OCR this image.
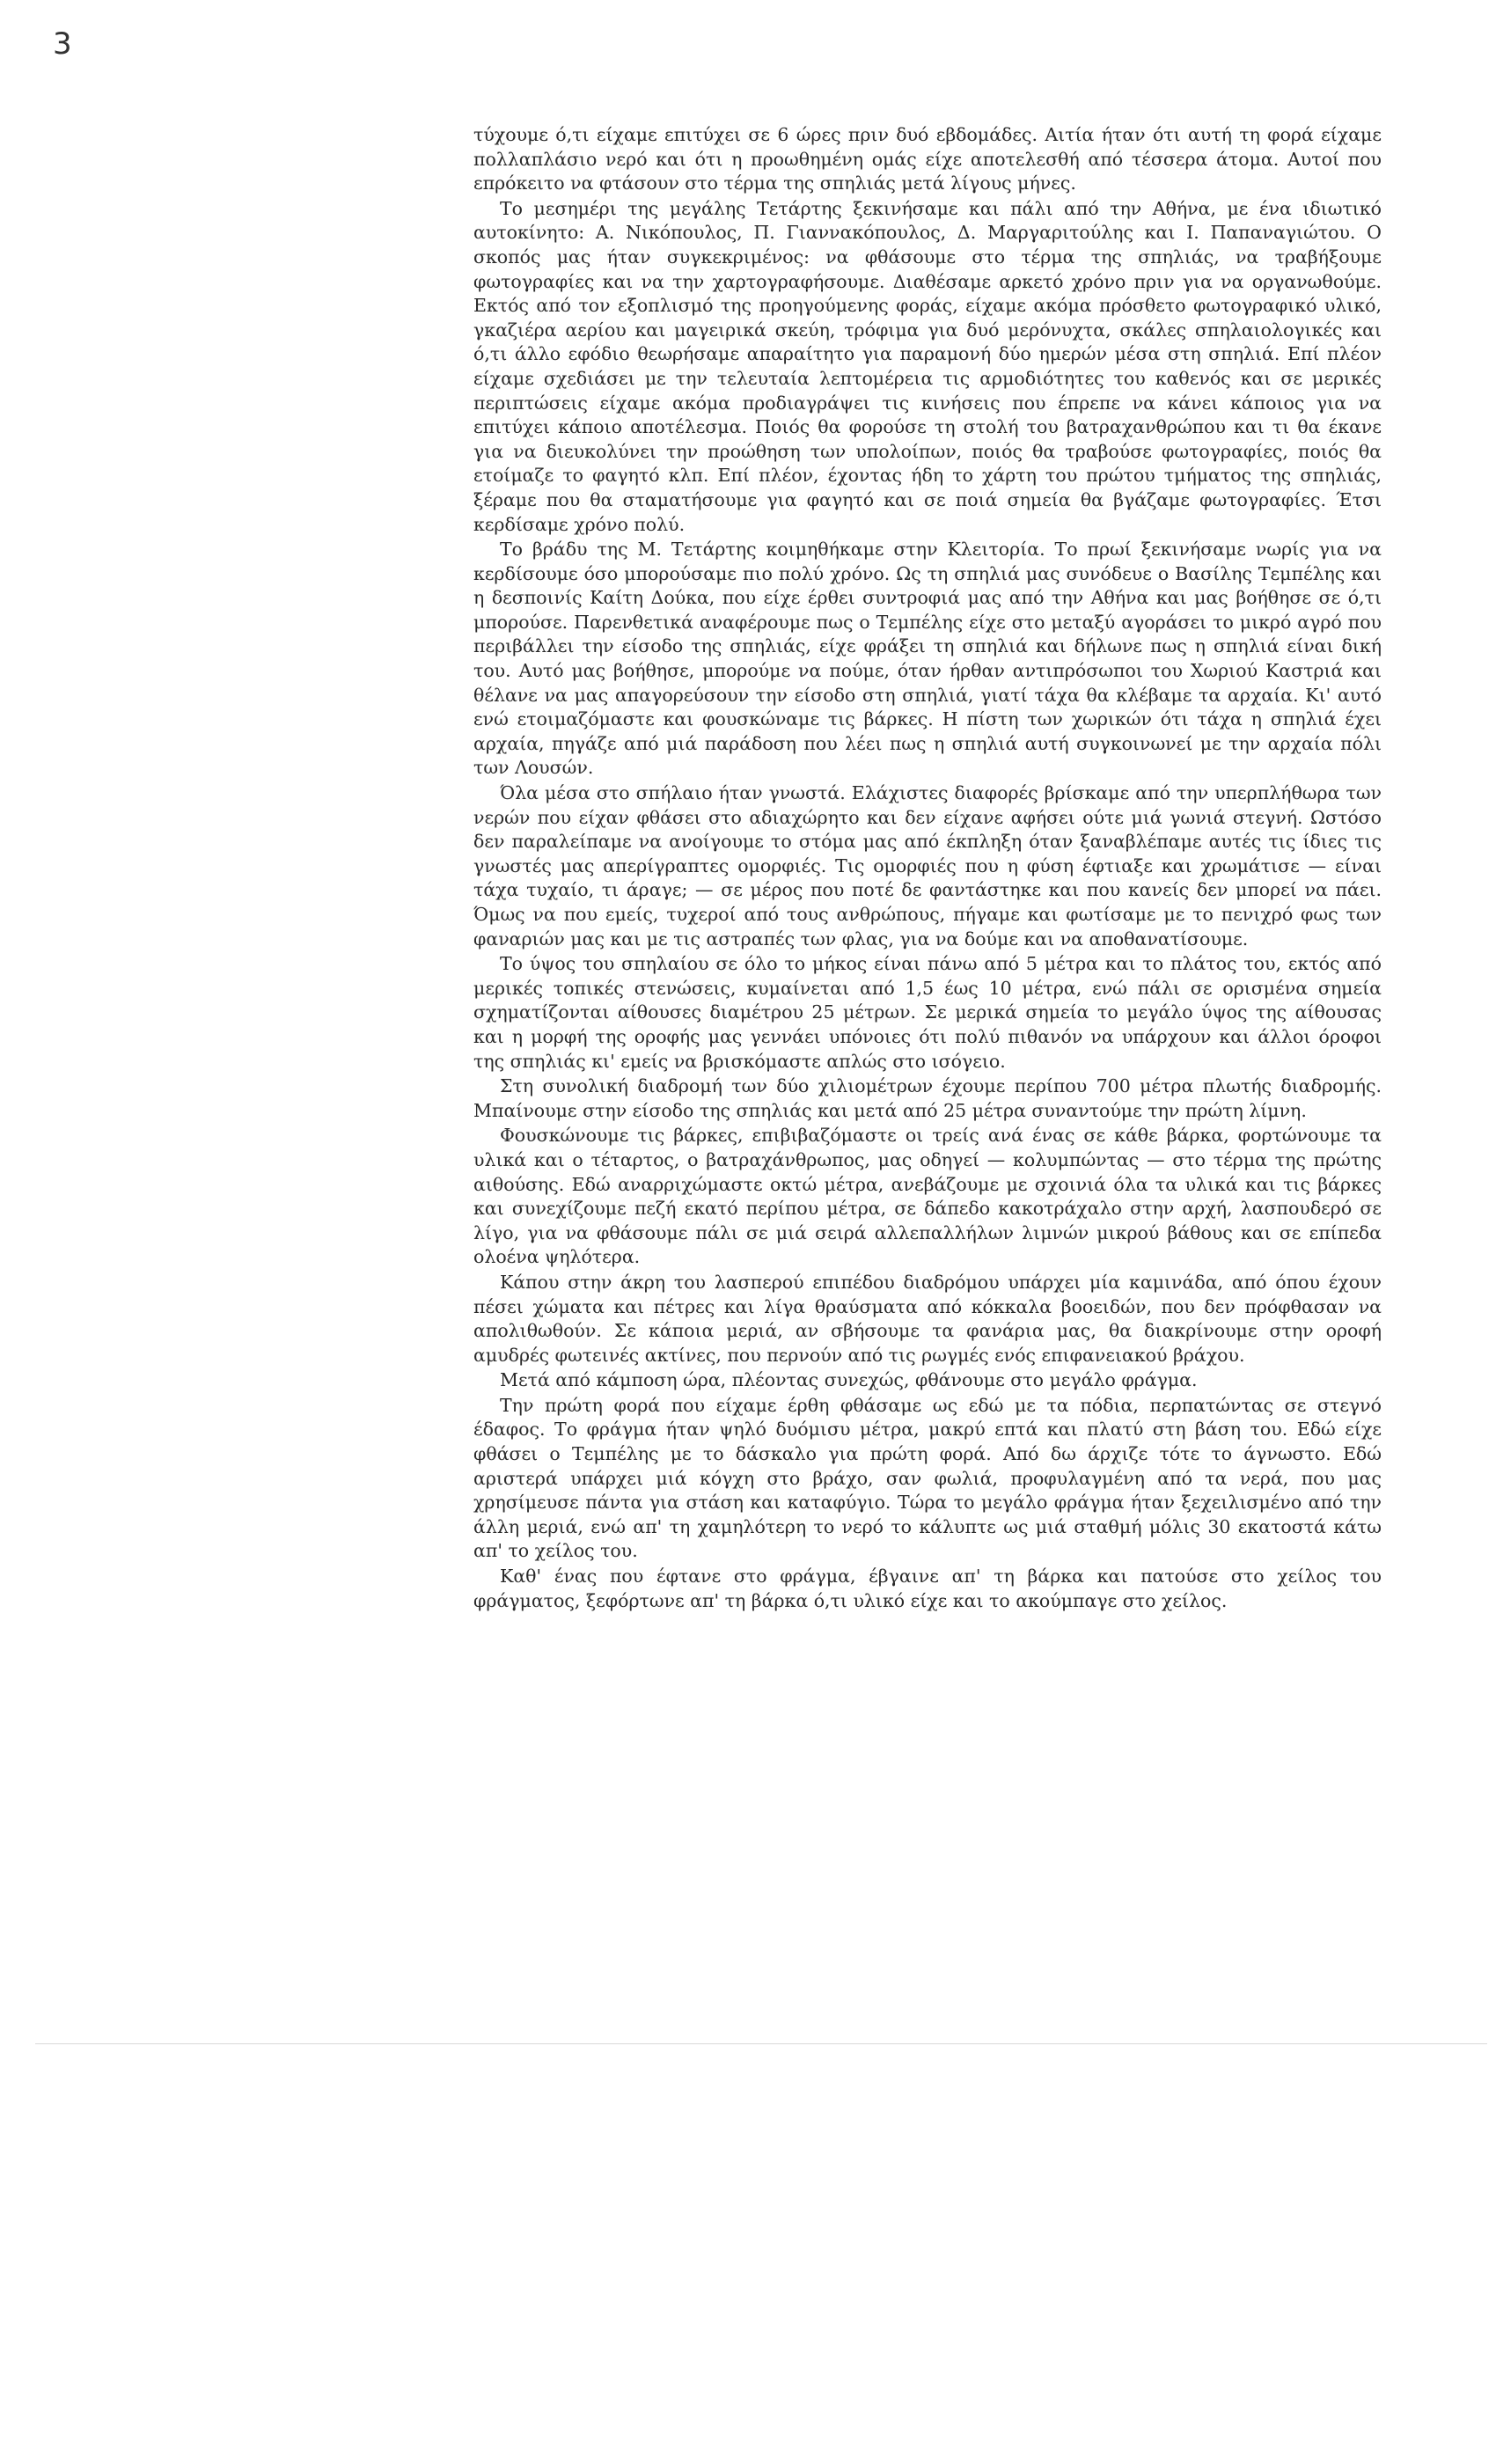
3

τύχουμε ό,τι είχαμε επιτύχει σε 6 ώρες πριν δυό εβδομάδες. Αιτία ήταν ότι αυτή τη φορά είχαμε πολλαπλάσιο νερό και ότι η προωθημένη ομάς είχε αποτελεσθή από τέσσερα άτομα. Αυτοί που επρόκειτο να φτάσουν στο τέρμα της σπηλιάς μετά λίγους μήνες.

Το μεσημέρι της μεγάλης Τετάρτης ξεκινήσαμε και πάλι από την Αθήνα, με ένα ιδιωτικό αυτοκίνητο: Α. Νικόπουλος, Π. Γιαννακόπουλος, Δ. Μαργαριτούλης και Ι. Παπαναγιώτου. Ο σκοπός μας ήταν συγκεκριμένος: να φθάσουμε στο τέρμα της σπηλιάς, να τραβήξουμε φωτογραφίες και να την χαρτογραφήσουμε. Διαθέσαμε αρκετό χρόνο πριν για να οργανωθούμε. Εκτός από τον εξοπλισμό της προηγούμενης φοράς, είχαμε ακόμα πρόσθετο φωτογραφικό υλικό, γκαζιέρα αερίου και μαγειρικά σκεύη, τρόφιμα για δυό μερόνυχτα, σκάλες σπηλαιολογικές και ό,τι άλλο εφόδιο θεωρήσαμε απαραίτητο για παραμονή δύο ημερών μέσα στη σπηλιά. Επί πλέον είχαμε σχεδιάσει με την τελευταία λεπτομέρεια τις αρμοδιότητες του καθενός και σε μερικές περιπτώσεις είχαμε ακόμα προδιαγράψει τις κινήσεις που έπρεπε να κάνει κάποιος για να επιτύχει κάποιο αποτέλεσμα. Ποιός θα φορούσε τη στολή του βατραχανθρώπου και τι θα έκανε για να διευκολύνει την προώθηση των υπολοίπων, ποιός θα τραβούσε φωτογραφίες, ποιός θα ετοίμαζε το φαγητό κλπ. Επί πλέον, έχοντας ήδη το χάρτη του πρώτου τμήματος της σπηλιάς, ξέραμε που θα σταματήσουμε για φαγητό και σε ποιά σημεία θα βγάζαμε φωτογραφίες. Έτσι κερδίσαμε χρόνο πολύ.

Το βράδυ της Μ. Τετάρτης κοιμηθήκαμε στην Κλειτορία. Το πρωί ξεκινήσαμε νωρίς για να κερδίσουμε όσο μπορούσαμε πιο πολύ χρόνο. Ως τη σπηλιά μας συνόδευε ο Βασίλης Τεμπέλης και η δεσποινίς Καίτη Δούκα, που είχε έρθει συντροφιά μας από την Αθήνα και μας βοήθησε σε ό,τι μπορούσε. Παρενθετικά αναφέρουμε πως ο Τεμπέλης είχε στο μεταξύ αγοράσει το μικρό αγρό που περιβάλλει την είσοδο της σπηλιάς, είχε φράξει τη σπηλιά και δήλωνε πως η σπηλιά είναι δική του. Αυτό μας βοήθησε, μπορούμε να πούμε, όταν ήρθαν αντιπρόσωποι του Χωριού Καστριά και θέλανε να μας απαγορεύσουν την είσοδο στη σπηλιά, γιατί τάχα θα κλέβαμε τα αρχαία. Κι' αυτό ενώ ετοιμαζόμαστε και φουσκώναμε τις βάρκες. Η πίστη των χωρικών ότι τάχα η σπηλιά έχει αρχαία, πηγάζε από μιά παράδοση που λέει πως η σπηλιά αυτή συγκοινωνεί με την αρχαία πόλι των Λουσών.

Όλα μέσα στο σπήλαιο ήταν γνωστά. Ελάχιστες διαφορές βρίσκαμε από την υπερπλήθωρα των νερών που είχαν φθάσει στο αδιαχώρητο και δεν είχανε αφήσει ούτε μιά γωνιά στεγνή. Ωστόσο δεν παραλείπαμε να ανοίγουμε το στόμα μας από έκπληξη όταν ξαναβλέπαμε αυτές τις ίδιες τις γνωστές μας απερίγραπτες ομορφιές. Τις ομορφιές που η φύση έφτιαξε και χρωμάτισε — είναι τάχα τυχαίο, τι άραγε; — σε μέρος που ποτέ δε φαντάστηκε και που κανείς δεν μπορεί να πάει. Όμως να που εμείς, τυχεροί από τους ανθρώπους, πήγαμε και φωτίσαμε με το πενιχρό φως των φαναριών μας και με τις αστραπές των φλας, για να δούμε και να αποθανατίσουμε.

Το ύψος του σπηλαίου σε όλο το μήκος είναι πάνω από 5 μέτρα και το πλάτος του, εκτός από μερικές τοπικές στενώσεις, κυμαίνεται από 1,5 έως 10 μέτρα, ενώ πάλι σε ορισμένα σημεία σχηματίζονται αίθουσες διαμέτρου 25 μέτρων. Σε μερικά σημεία το μεγάλο ύψος της αίθουσας και η μορφή της οροφής μας γεννάει υπόνοιες ότι πολύ πιθανόν να υπάρχουν και άλλοι όροφοι της σπηλιάς κι' εμείς να βρισκόμαστε απλώς στο ισόγειο.

Στη συνολική διαδρομή των δύο χιλιομέτρων έχουμε περίπου 700 μέτρα πλωτής διαδρομής. Μπαίνουμε στην είσοδο της σπηλιάς και μετά από 25 μέτρα συναντούμε την πρώτη λίμνη.

Φουσκώνουμε τις βάρκες, επιβιβαζόμαστε οι τρείς ανά ένας σε κάθε βάρκα, φορτώνουμε τα υλικά και ο τέταρτος, ο βατραχάνθρωπος, μας οδηγεί — κολυμπώντας — στο τέρμα της πρώτης αιθούσης. Εδώ αναρριχώμαστε οκτώ μέτρα, ανεβάζουμε με σχοινιά όλα τα υλικά και τις βάρκες και συνεχίζουμε πεζή εκατό περίπου μέτρα, σε δάπεδο κακοτράχαλο στην αρχή, λασπουδερό σε λίγο, για να φθάσουμε πάλι σε μιά σειρά αλλεπαλλήλων λιμνών μικρού βάθους και σε επίπεδα ολοένα ψηλότερα.

Κάπου στην άκρη του λασπερού επιπέδου διαδρόμου υπάρχει μία καμινάδα, από όπου έχουν πέσει χώματα και πέτρες και λίγα θραύσματα από κόκκαλα βοοειδών, που δεν πρόφθασαν να απολιθωθούν. Σε κάποια μεριά, αν σβήσουμε τα φανάρια μας, θα διακρίνουμε στην οροφή αμυδρές φωτεινές ακτίνες, που περνούν από τις ρωγμές ενός επιφανειακού βράχου.

Μετά από κάμποση ώρα, πλέοντας συνεχώς, φθάνουμε στο μεγάλο φράγμα.

Την πρώτη φορά που είχαμε έρθη φθάσαμε ως εδώ με τα πόδια, περπατώντας σε στεγνό έδαφος. Το φράγμα ήταν ψηλό δυόμισυ μέτρα, μακρύ επτά και πλατύ στη βάση του. Εδώ είχε φθάσει ο Τεμπέλης με το δάσκαλο για πρώτη φορά. Από δω άρχιζε τότε το άγνωστο. Εδώ αριστερά υπάρχει μιά κόγχη στο βράχο, σαν φωλιά, προφυλαγμένη από τα νερά, που μας χρησίμευσε πάντα για στάση και καταφύγιο. Τώρα το μεγάλο φράγμα ήταν ξεχειλισμένο από την άλλη μεριά, ενώ απ' τη χαμηλότερη το νερό το κάλυπτε ως μιά σταθμή μόλις 30 εκατοστά κάτω απ' το χείλος του.

Καθ' ένας που έφτανε στο φράγμα, έβγαινε απ' τη βάρκα και πατούσε στο χείλος του φράγματος, ξεφόρτωνε απ' τη βάρκα ό,τι υλικό είχε και το ακούμπαγε στο χείλος.
